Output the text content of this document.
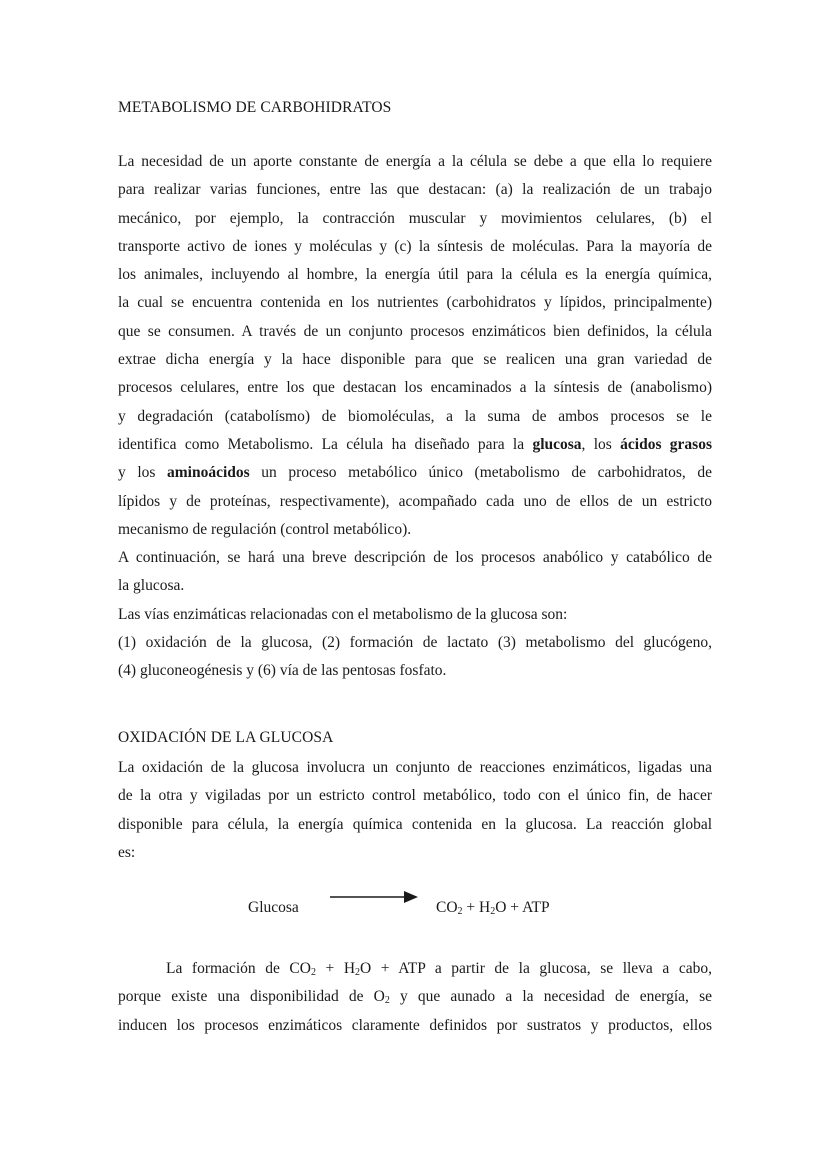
METABOLISMO DE CARBOHIDRATOS
La necesidad de un aporte constante de energía a la célula se debe a que ella lo requiere
para realizar varias funciones, entre las que destacan: (a) la realización de un trabajo
mecánico, por ejemplo, la contracción muscular y movimientos celulares, (b) el
transporte activo de iones y moléculas y (c) la síntesis de moléculas. Para la mayoría de
los animales, incluyendo al hombre, la energía útil para la célula es la energía química,
la cual se encuentra contenida en los nutrientes (carbohidratos y lípidos, principalmente)
que se consumen. A través de un conjunto procesos enzimáticos bien definidos, la célula
extrae dicha energía y la hace disponible para que se realicen una gran variedad de
procesos celulares, entre los que destacan los encaminados a la síntesis de (anabolismo)
y degradación (catabolísmo) de biomoléculas, a la suma de ambos procesos se le
identifica como Metabolismo. La célula ha diseñado para la glucosa, los ácidos grasos
y los aminoácidos un proceso metabólico único (metabolismo de carbohidratos, de
lípidos y de proteínas, respectivamente), acompañado cada uno de ellos de un estricto
mecanismo de regulación (control metabólico).
A continuación, se hará una breve descripción de los procesos anabólico y catabólico de
la glucosa.
Las vías enzimáticas relacionadas con el metabolismo de la glucosa son:
(1) oxidación de la glucosa, (2) formación de lactato (3) metabolismo del glucógeno,
(4) gluconeogénesis y (6) vía de las pentosas fosfato.
OXIDACIÓN DE LA GLUCOSA
La oxidación de la glucosa involucra un conjunto de reacciones enzimáticos, ligadas una
de la otra y vigiladas por un estricto control metabólico, todo con el único fin, de hacer
disponible para célula, la energía química contenida en la glucosa. La reacción global
es:
Glucosa	$CO_2 + H_2O$ + ATP
La formación de $CO_2 + H_2O$ + ATP a partir de la glucosa, se lleva a cabo,
porque existe una disponibilidad de $O_2$ y que aunado a la necesidad de energía, se
inducen los procesos enzimáticos claramente definidos por sustratos y productos, ellos
